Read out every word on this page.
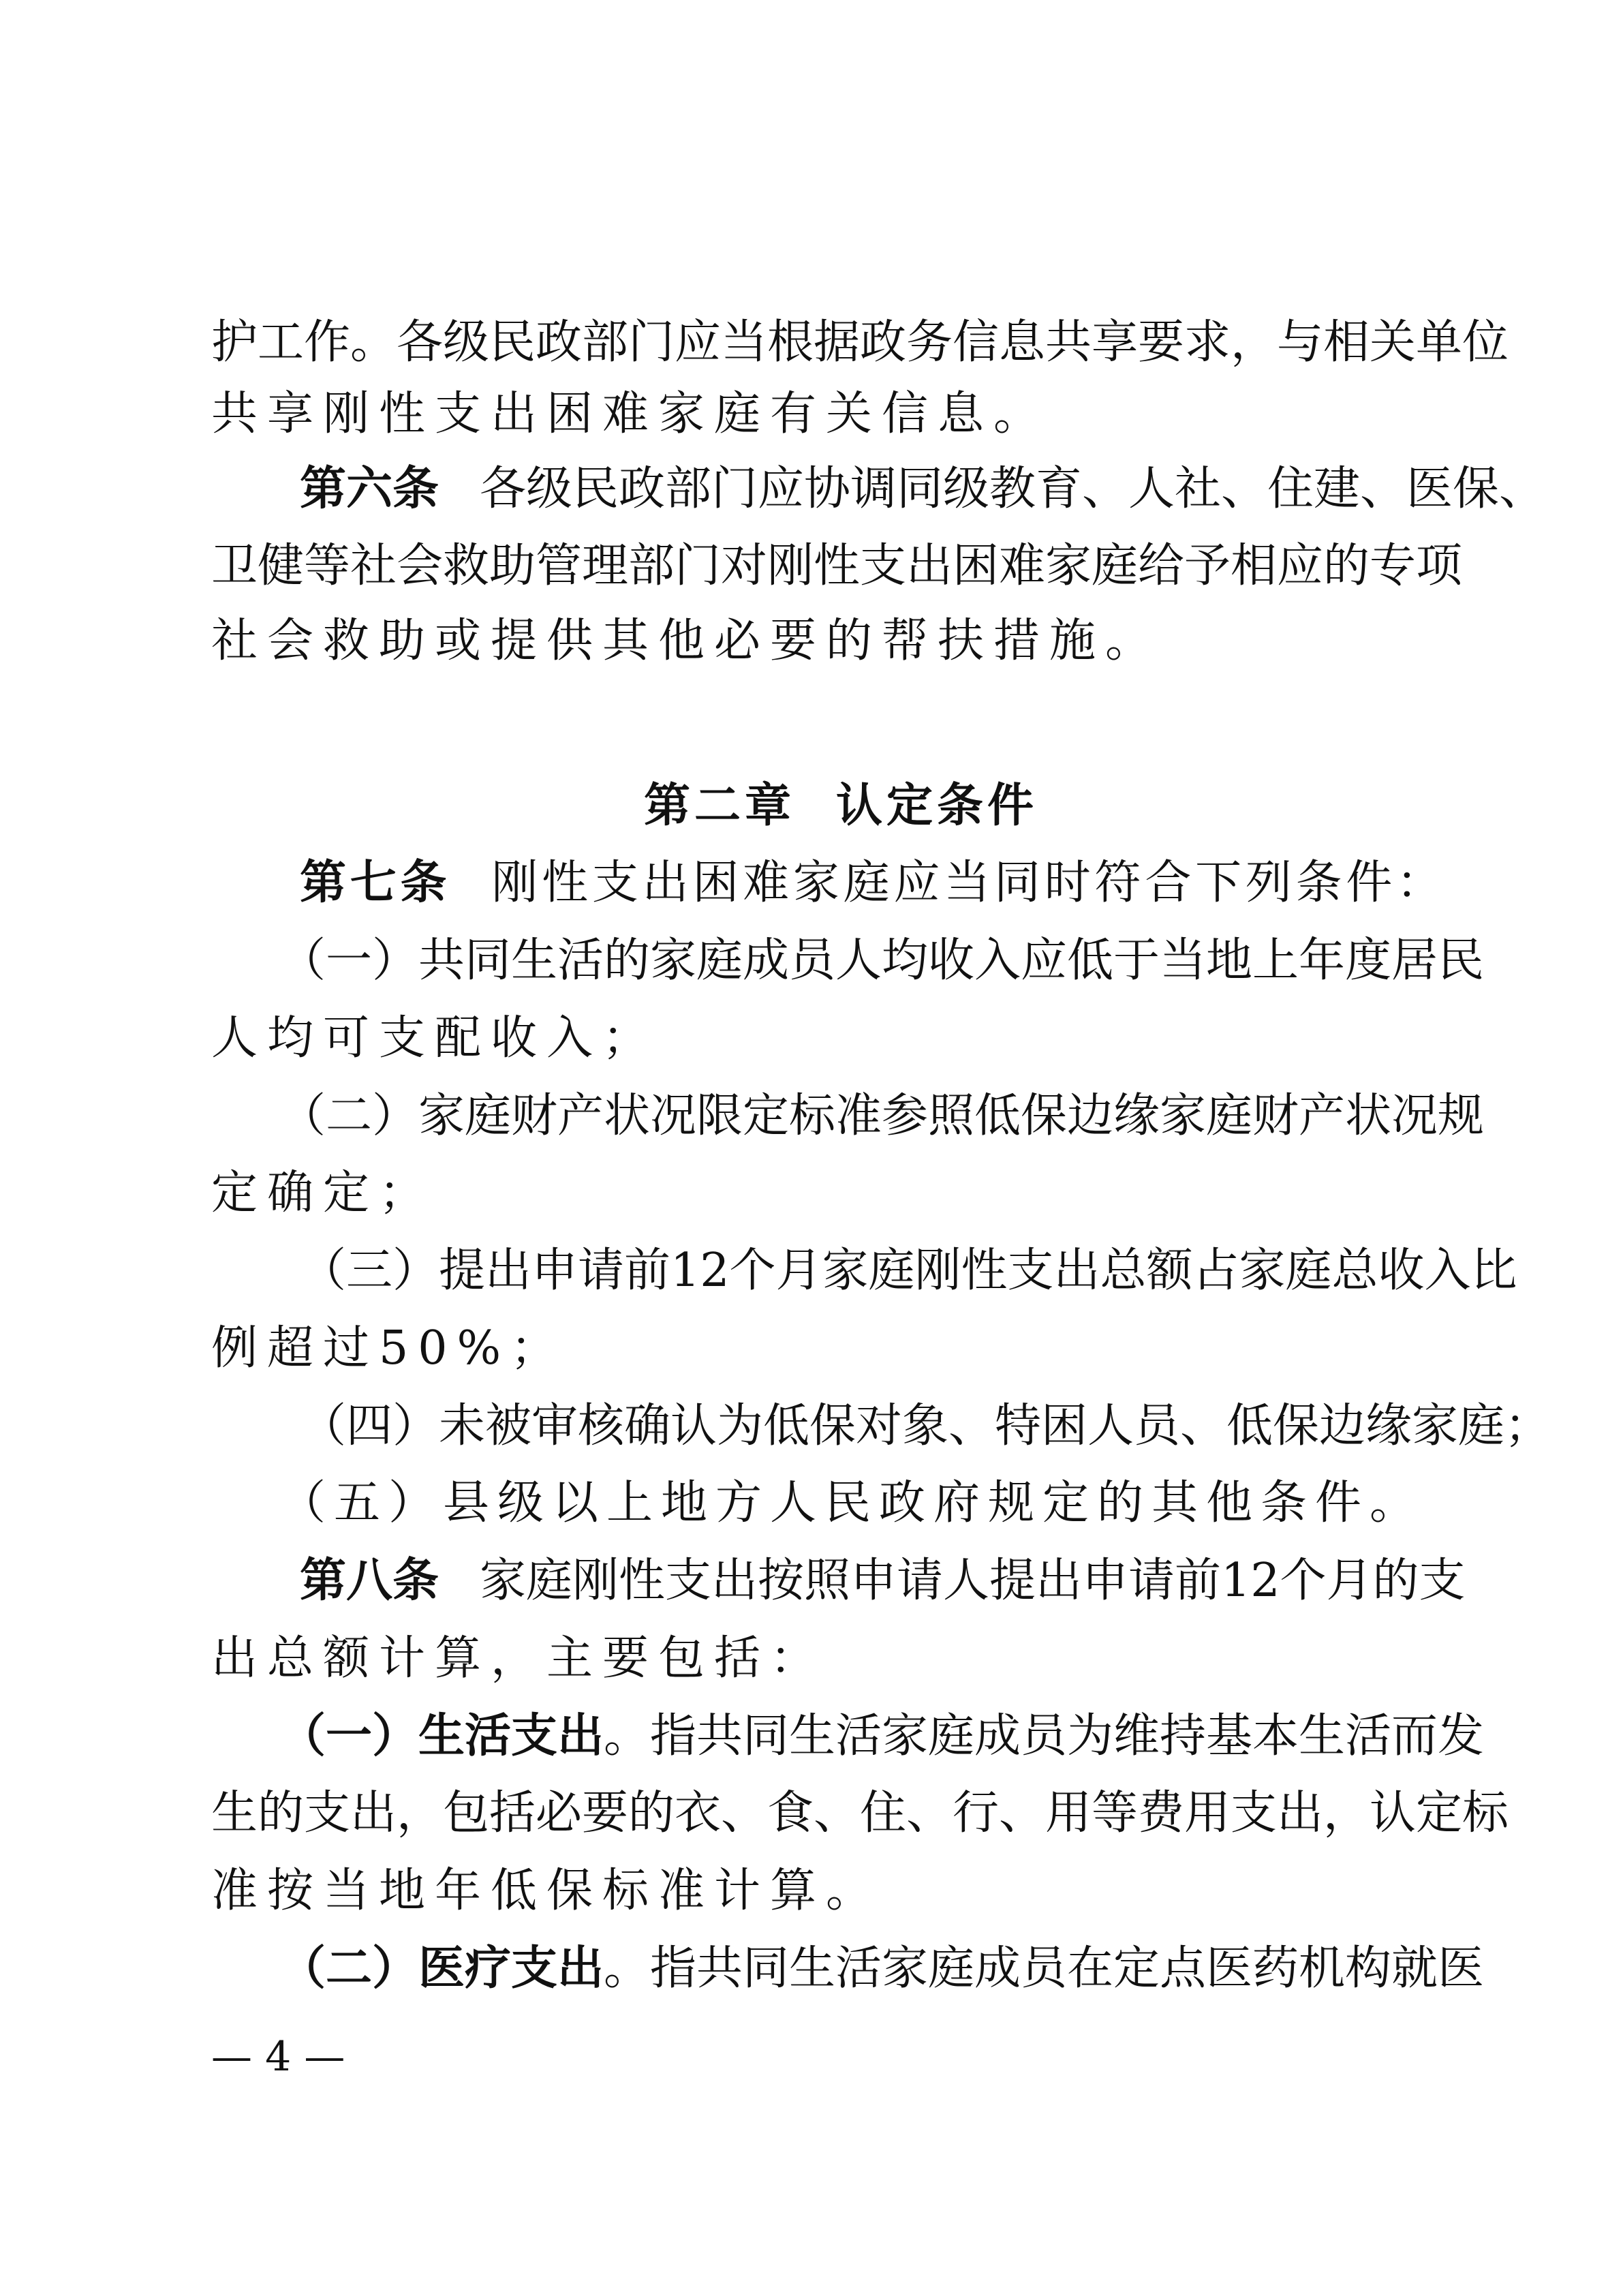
护工作。各级民政部门应当根据政务信息共享要求，与相关单位
共享刚性支出困难家庭有关信息。
第六条 各级民政部门应协调同级教育、人社、住建、医保、
卫健等社会救助管理部门对刚性支出困难家庭给予相应的专项
社会救助或提供其他必要的帮扶措施。
第二章 认定条件
第七条 刚性支出困难家庭应当同时符合下列条件：
（一）共同生活的家庭成员人均收入应低于当地上年度居民
人均可支配收入；
（二）家庭财产状况限定标准参照低保边缘家庭财产状况规
定确定；
（三）提出申请前12个月家庭刚性支出总额占家庭总收入比
例超过50%；
（四）未被审核确认为低保对象、特困人员、低保边缘家庭；
（五）县级以上地方人民政府规定的其他条件。
第八条 家庭刚性支出按照申请人提出申请前12个月的支
出总额计算，主要包括：
（一）生活支出。指共同生活家庭成员为维持基本生活而发
生的支出，包括必要的衣、食、住、行、用等费用支出，认定标
准按当地年低保标准计算。
（二）医疗支出。指共同生活家庭成员在定点医药机构就医
— 4 —
